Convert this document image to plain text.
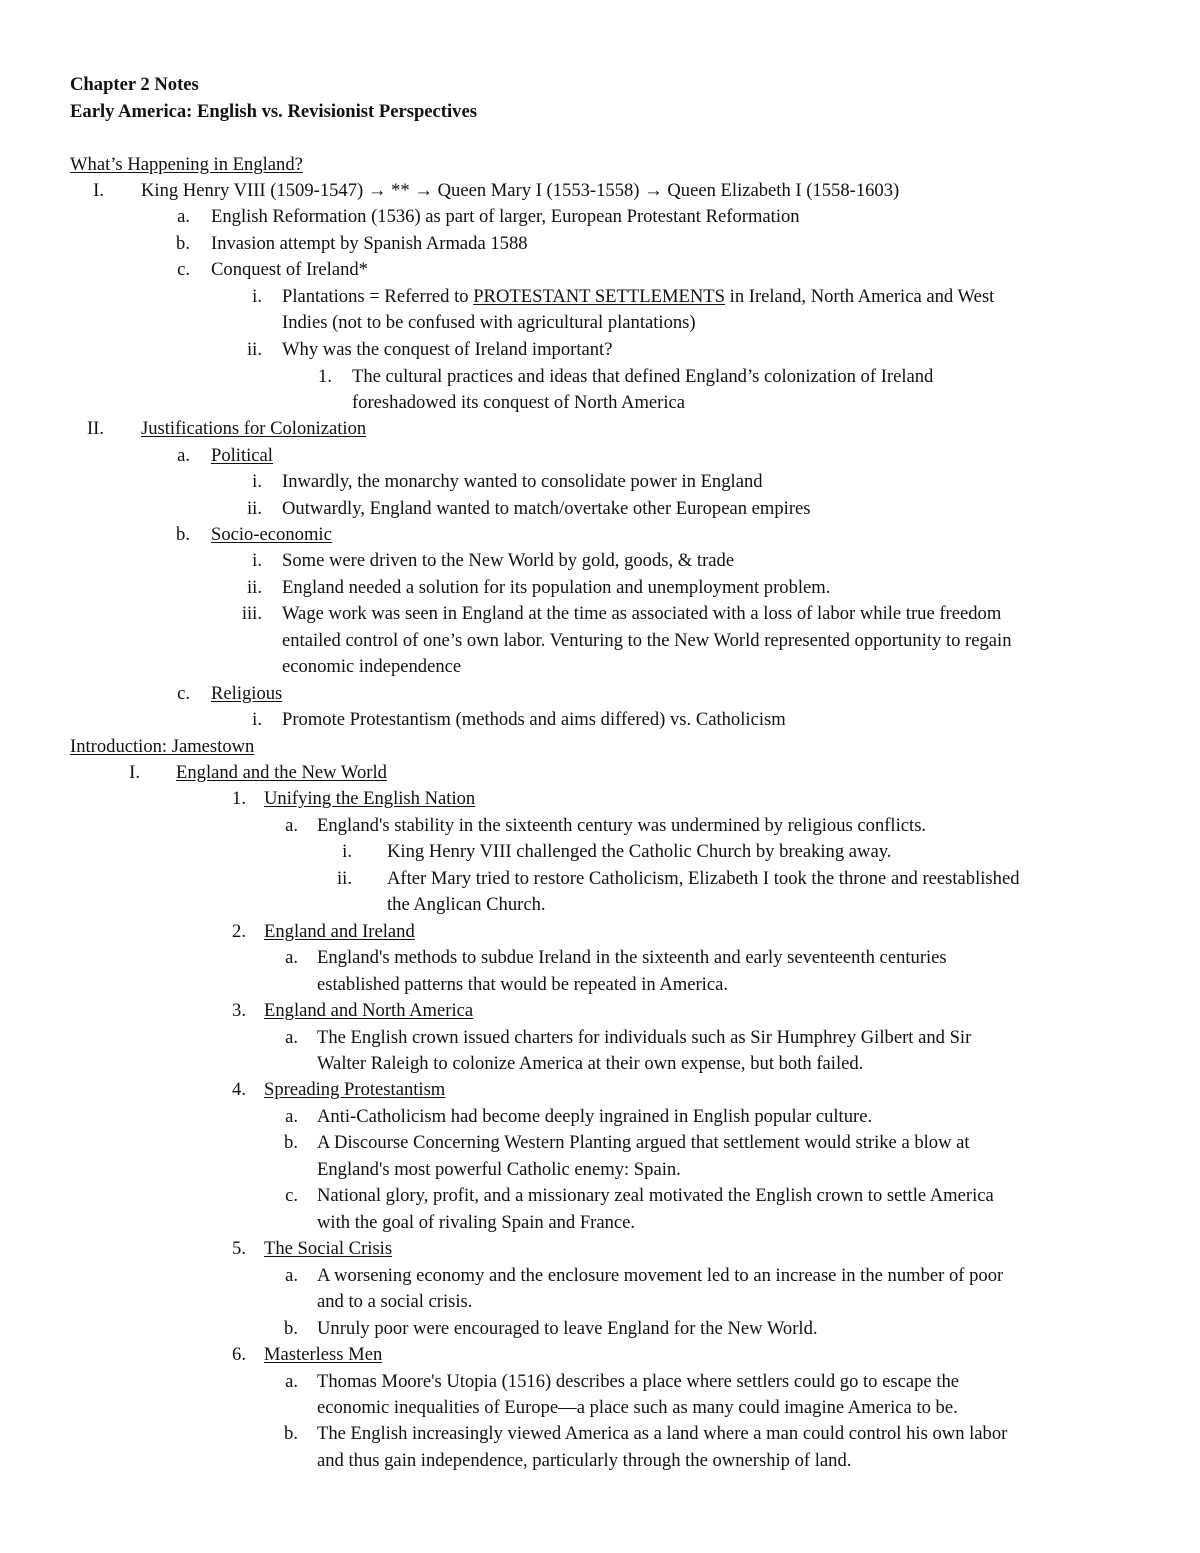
Chapter 2 Notes
Early America: English vs. Revisionist Perspectives
What’s Happening in England?
I. King Henry VIII (1509-1547) → ** → Queen Mary I (1553-1558) → Queen Elizabeth I (1558-1603)
a. English Reformation (1536) as part of larger, European Protestant Reformation
b. Invasion attempt by Spanish Armada 1588
c. Conquest of Ireland*
i. Plantations = Referred to PROTESTANT SETTLEMENTS in Ireland, North America and West
Indies (not to be confused with agricultural plantations)
ii. Why was the conquest of Ireland important?
1. The cultural practices and ideas that defined England’s colonization of Ireland
foreshadowed its conquest of North America
II. Justifications for Colonization
a. Political
i. Inwardly, the monarchy wanted to consolidate power in England
ii. Outwardly, England wanted to match/overtake other European empires
b. Socio-economic
i. Some were driven to the New World by gold, goods, & trade
ii. England needed a solution for its population and unemployment problem.
iii. Wage work was seen in England at the time as associated with a loss of labor while true freedom
entailed control of one’s own labor. Venturing to the New World represented opportunity to regain
economic independence
c. Religious
i. Promote Protestantism (methods and aims differed) vs. Catholicism
Introduction: Jamestown
I. England and the New World
1. Unifying the English Nation
a. England's stability in the sixteenth century was undermined by religious conflicts.
i. King Henry VIII challenged the Catholic Church by breaking away.
ii. After Mary tried to restore Catholicism, Elizabeth I took the throne and reestablished
the Anglican Church.
2. England and Ireland
a. England's methods to subdue Ireland in the sixteenth and early seventeenth centuries
established patterns that would be repeated in America.
3. England and North America
a. The English crown issued charters for individuals such as Sir Humphrey Gilbert and Sir
Walter Raleigh to colonize America at their own expense, but both failed.
4. Spreading Protestantism
a. Anti-Catholicism had become deeply ingrained in English popular culture.
b. A Discourse Concerning Western Planting argued that settlement would strike a blow at
England's most powerful Catholic enemy: Spain.
c. National glory, profit, and a missionary zeal motivated the English crown to settle America
with the goal of rivaling Spain and France.
5. The Social Crisis
a. A worsening economy and the enclosure movement led to an increase in the number of poor
and to a social crisis.
b. Unruly poor were encouraged to leave England for the New World.
6. Masterless Men
a. Thomas Moore's Utopia (1516) describes a place where settlers could go to escape the
economic inequalities of Europe—a place such as many could imagine America to be.
b. The English increasingly viewed America as a land where a man could control his own labor
and thus gain independence, particularly through the ownership of land.
